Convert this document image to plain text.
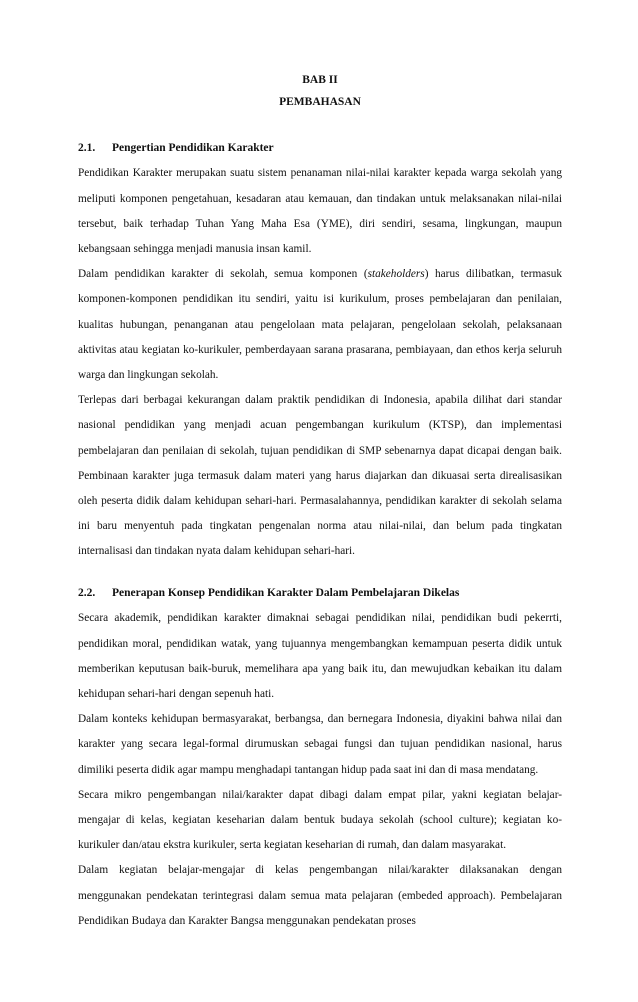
BAB II

PEMBAHASAN

2.1.	Pengertian Pendidikan Karakter

Pendidikan Karakter merupakan suatu sistem penanaman nilai-nilai karakter kepada warga sekolah yang meliputi komponen pengetahuan, kesadaran atau kemauan, dan tindakan untuk melaksanakan nilai-nilai tersebut, baik terhadap Tuhan Yang Maha Esa (YME), diri sendiri, sesama, lingkungan, maupun kebangsaan sehingga menjadi manusia insan kamil.

Dalam pendidikan karakter di sekolah, semua komponen (stakeholders) harus dilibatkan, termasuk komponen-komponen pendidikan itu sendiri, yaitu isi kurikulum, proses pembelajaran dan penilaian, kualitas hubungan, penanganan atau pengelolaan mata pelajaran, pengelolaan sekolah, pelaksanaan aktivitas atau kegiatan ko-kurikuler, pemberdayaan sarana prasarana, pembiayaan, dan ethos kerja seluruh warga dan lingkungan sekolah.

Terlepas dari berbagai kekurangan dalam praktik pendidikan di Indonesia, apabila dilihat dari standar nasional pendidikan yang menjadi acuan pengembangan kurikulum (KTSP), dan implementasi pembelajaran dan penilaian di sekolah, tujuan pendidikan di SMP sebenarnya dapat dicapai dengan baik. Pembinaan karakter juga termasuk dalam materi yang harus diajarkan dan dikuasai serta direalisasikan oleh peserta didik dalam kehidupan sehari-hari. Permasalahannya, pendidikan karakter di sekolah selama ini baru menyentuh pada tingkatan pengenalan norma atau nilai-nilai, dan belum pada tingkatan internalisasi dan tindakan nyata dalam kehidupan sehari-hari.

2.2.	Penerapan Konsep Pendidikan Karakter Dalam Pembelajaran Dikelas

Secara akademik, pendidikan karakter dimaknai sebagai pendidikan nilai, pendidikan budi pekerrti, pendidikan moral, pendidikan watak, yang tujuannya mengembangkan kemampuan peserta didik untuk memberikan keputusan baik-buruk, memelihara apa yang baik itu, dan mewujudkan kebaikan itu dalam kehidupan sehari-hari dengan sepenuh hati.

Dalam konteks kehidupan bermasyarakat, berbangsa, dan bernegara Indonesia, diyakini bahwa nilai dan karakter yang secara legal-formal dirumuskan sebagai fungsi dan tujuan pendidikan nasional, harus dimiliki peserta didik agar mampu menghadapi tantangan hidup pada saat ini dan di masa mendatang.

Secara mikro pengembangan nilai/karakter dapat dibagi dalam empat pilar, yakni kegiatan belajar-mengajar di kelas, kegiatan keseharian dalam bentuk budaya sekolah (school culture); kegiatan ko-kurikuler dan/atau ekstra kurikuler, serta kegiatan keseharian di rumah, dan dalam masyarakat.

Dalam kegiatan belajar-mengajar di kelas pengembangan nilai/karakter dilaksanakan dengan menggunakan pendekatan terintegrasi dalam semua mata pelajaran (embeded approach). Pembelajaran Pendidikan Budaya dan Karakter Bangsa menggunakan pendekatan proses
